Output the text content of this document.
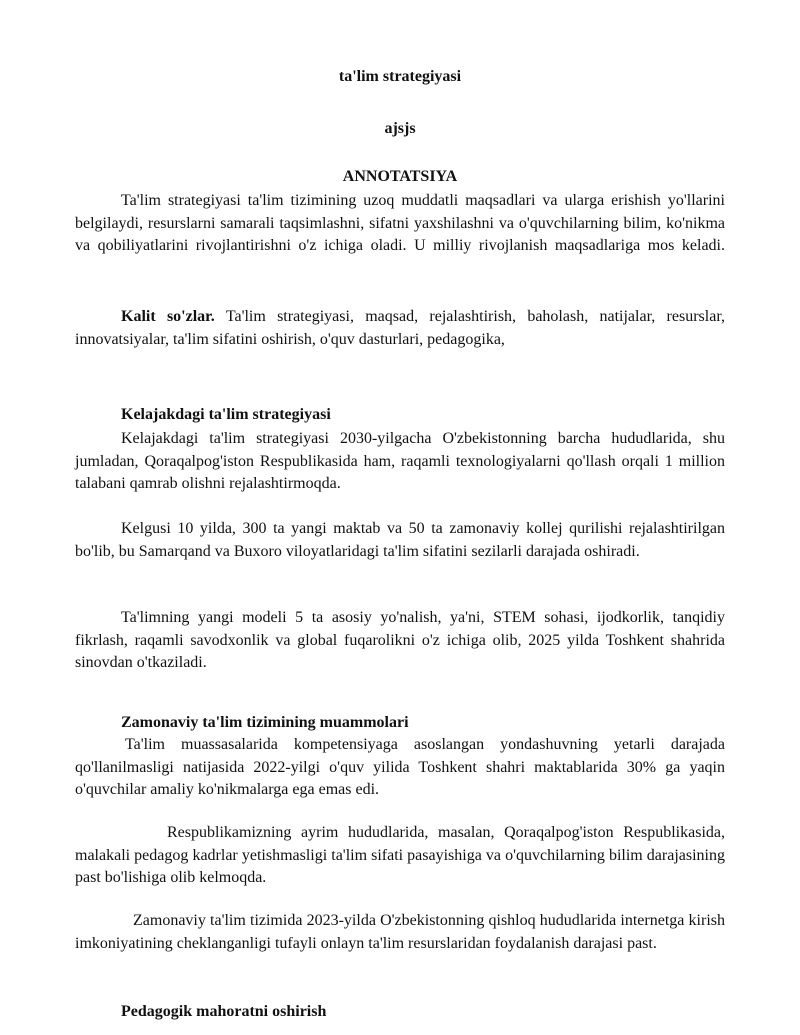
ta'lim strategiyasi
ajsjs
ANNOTATSIYA

Ta'lim strategiyasi ta'lim tizimining uzoq muddatli maqsadlari va ularga erishish yo'llarini belgilaydi, resurslarni samarali taqsimlashni, sifatni yaxshilashni va o'quvchilarning bilim, ko'nikma va qobiliyatlarini rivojlantirishni o'z ichiga oladi. U milliy rivojlanish maqsadlariga mos keladi.

Kalit so'zlar. Ta'lim strategiyasi, maqsad, rejalashtirish, baholash, natijalar, resurslar, innovatsiyalar, ta'lim sifatini oshirish, o'quv dasturlari, pedagogika,

Kelajakdagi ta'lim strategiyasi

Kelajakdagi ta'lim strategiyasi 2030-yilgacha O'zbekistonning barcha hududlarida, shu jumladan, Qoraqalpog'iston Respublikasida ham, raqamli texnologiyalarni qo'llash orqali 1 million talabani qamrab olishni rejalashtirmoqda.

Kelgusi 10 yilda, 300 ta yangi maktab va 50 ta zamonaviy kollej qurilishi rejalashtirilgan bo'lib, bu Samarqand va Buxoro viloyatlaridagi ta'lim sifatini sezilarli darajada oshiradi.

Ta'limning yangi modeli 5 ta asosiy yo'nalish, ya'ni, STEM sohasi, ijodkorlik, tanqidiy fikrlash, raqamli savodxonlik va global fuqarolikni o'z ichiga olib, 2025 yilda Toshkent shahrida sinovdan o'tkaziladi.

Zamonaviy ta'lim tizimining muammolari

Ta'lim muassasalarida kompetensiyaga asoslangan yondashuvning yetarli darajada qo'llanilmasligi natijasida 2022-yilgi o'quv yilida Toshkent shahri maktablarida 30% ga yaqin o'quvchilar amaliy ko'nikmalarga ega emas edi.

Respublikamizning ayrim hududlarida, masalan, Qoraqalpog'iston Respublikasida, malakali pedagog kadrlar yetishmasligi ta'lim sifati pasayishiga va o'quvchilarning bilim darajasining past bo'lishiga olib kelmoqda.

Zamonaviy ta'lim tizimida 2023-yilda O'zbekistonning qishloq hududlarida internetga kirish imkoniyatining cheklanganligi tufayli onlayn ta'lim resurslaridan foydalanish darajasi past.

Pedagogik mahoratni oshirish
